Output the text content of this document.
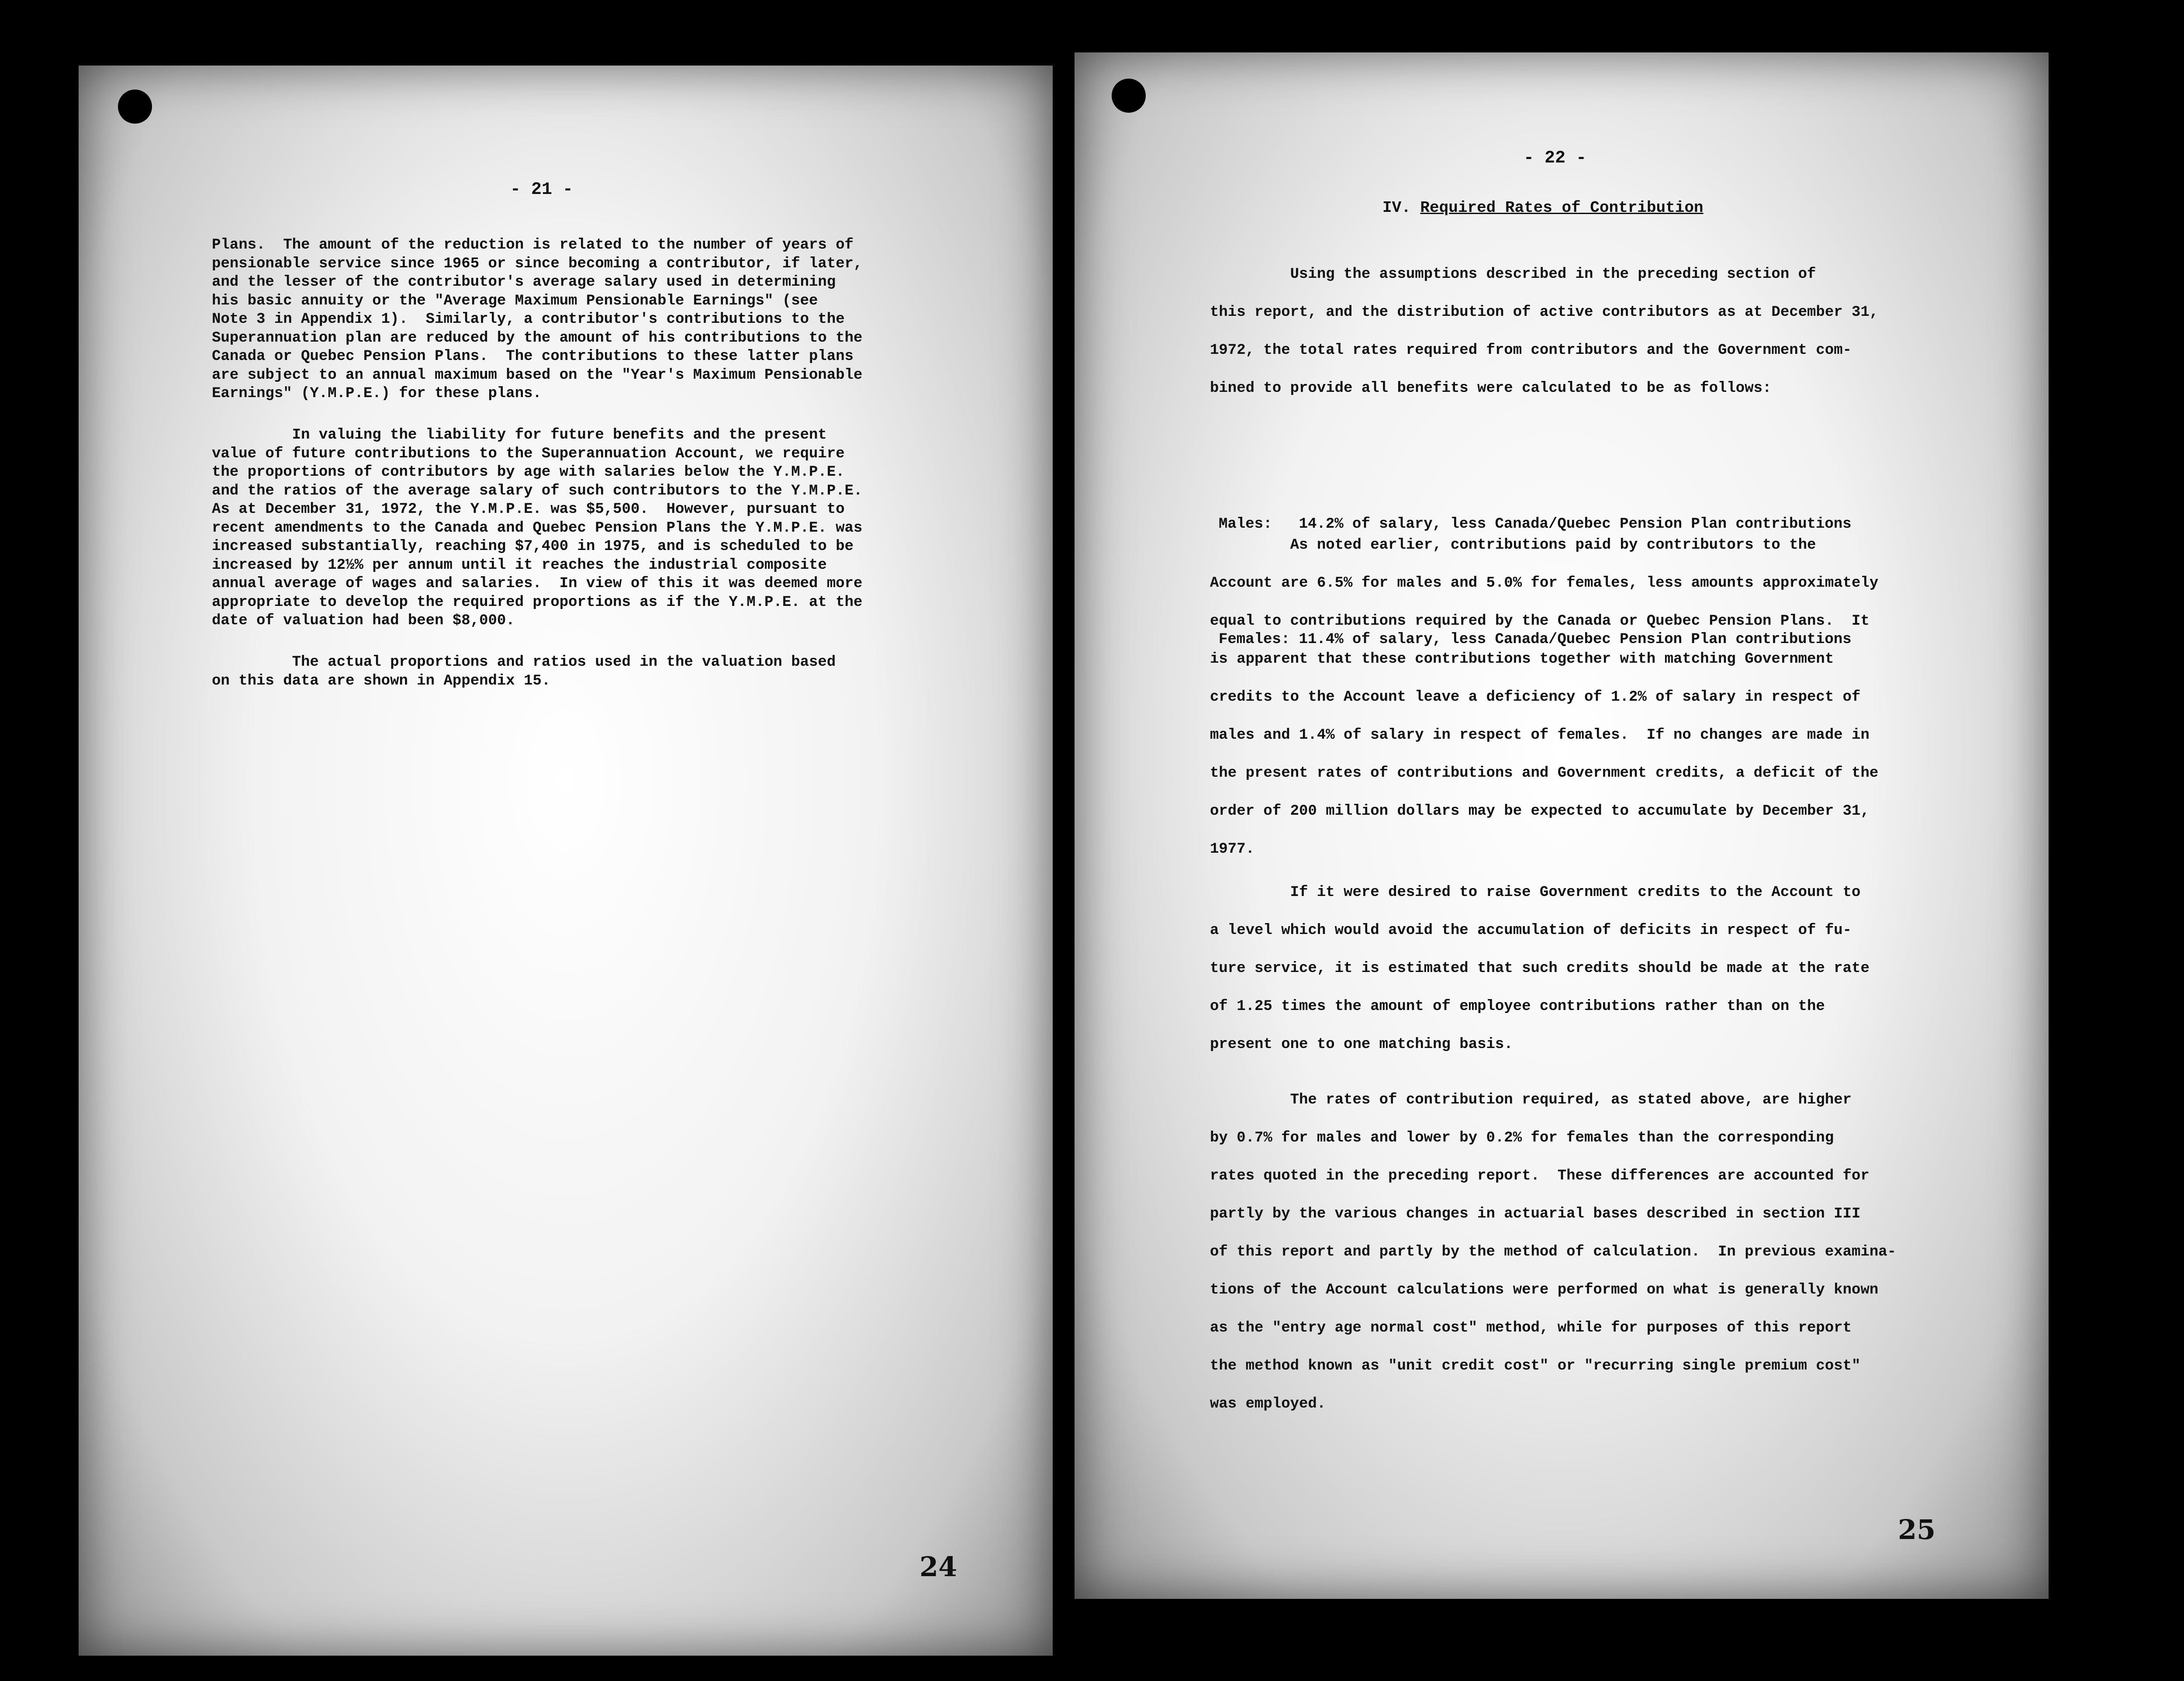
- 21 -

Plans.  The amount of the reduction is related to the number of years of
pensionable service since 1965 or since becoming a contributor, if later,
and the lesser of the contributor's average salary used in determining
his basic annuity or the "Average Maximum Pensionable Earnings" (see
Note 3 in Appendix 1).  Similarly, a contributor's contributions to the
Superannuation plan are reduced by the amount of his contributions to the
Canada or Quebec Pension Plans.  The contributions to these latter plans
are subject to an annual maximum based on the "Year's Maximum Pensionable
Earnings" (Y.M.P.E.) for these plans.

In valuing the liability for future benefits and the present
value of future contributions to the Superannuation Account, we require
the proportions of contributors by age with salaries below the Y.M.P.E.
and the ratios of the average salary of such contributors to the Y.M.P.E.
As at December 31, 1972, the Y.M.P.E. was $5,500.  However, pursuant to
recent amendments to the Canada and Quebec Pension Plans the Y.M.P.E. was
increased substantially, reaching $7,400 in 1975, and is scheduled to be
increased by 12½% per annum until it reaches the industrial composite
annual average of wages and salaries.  In view of this it was deemed more
appropriate to develop the required proportions as if the Y.M.P.E. at the
date of valuation had been $8,000.

The actual proportions and ratios used in the valuation based
on this data are shown in Appendix 15.

24
- 22 -
IV. Required Rates of Contribution

Using the assumptions described in the preceding section of
this report, and the distribution of active contributors as at December 31,
1972, the total rates required from contributors and the Government com-
bined to provide all benefits were calculated to be as follows:

Males:   14.2% of salary, less Canada/Quebec Pension Plan contributions

Females: 11.4% of salary, less Canada/Quebec Pension Plan contributions

As noted earlier, contributions paid by contributors to the
Account are 6.5% for males and 5.0% for females, less amounts approximately
equal to contributions required by the Canada or Quebec Pension Plans.  It
is apparent that these contributions together with matching Government
credits to the Account leave a deficiency of 1.2% of salary in respect of
males and 1.4% of salary in respect of females.  If no changes are made in
the present rates of contributions and Government credits, a deficit of the
order of 200 million dollars may be expected to accumulate by December 31,
1977.

If it were desired to raise Government credits to the Account to
a level which would avoid the accumulation of deficits in respect of fu-
ture service, it is estimated that such credits should be made at the rate
of 1.25 times the amount of employee contributions rather than on the
present one to one matching basis.

The rates of contribution required, as stated above, are higher
by 0.7% for males and lower by 0.2% for females than the corresponding
rates quoted in the preceding report.  These differences are accounted for
partly by the various changes in actuarial bases described in section III
of this report and partly by the method of calculation.  In previous examina-
tions of the Account calculations were performed on what is generally known
as the "entry age normal cost" method, while for purposes of this report
the method known as "unit credit cost" or "recurring single premium cost"
was employed.

25
